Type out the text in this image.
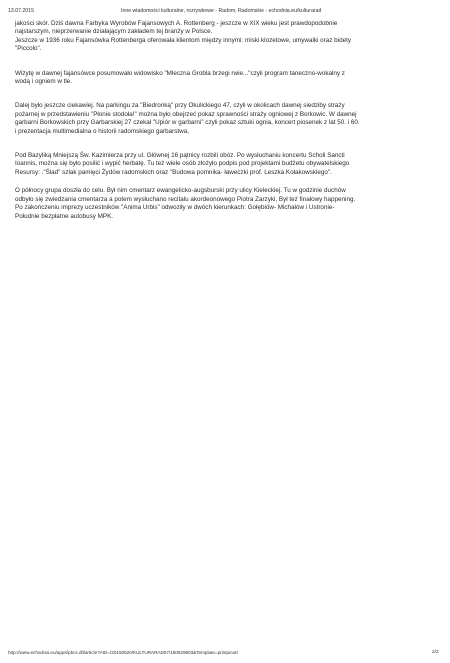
13.07.2015	Inne wiadomości kulturalne, rozrywkowe - Radom, Radomskie - echodnia.eu/kulturarad

jakości skór. Dziś dawna Farbyka Wyrobów Fajansowych A. Rottenberg - jeszcze w XIX wieku jest prawdopodobnie
najstarszym, nieprzerwanie działającym zakładem tej branży w Polsce.
Jeszcze w 1936 roku Fajansówka Rottenberga oferowała klientom między innymi: miski klozetowe, umywalki oraz bidety
"Piccolo".

Wizytę w dawnej fajansówce posumowało widowisko "Mleczna Grobla brzegi rwie..."czyli program taneczno-wokalny z
wodą i ogniem w tle.

Dalej było jeszcze ciekawiej. Na parkingu za "Biedronką" przy Okulickiego 47, czyli w okolicach dawnej siedziby straży
pożarnej w przedstawieniu "Płonie stodoła!" można było obejrzeć pokaz sprawności straży ogniowej z Borkowic. W dawnej
garbarni Borkowskich przy Garbarskiej 27 czekał "Upiór w garbarni" czyli pokaz sztuki ognia, koncert piosenek z lat 50. i 60.
i prezentacja multimedialna o historii radomskiego garbarstwa,

Pod Bazyliką Mniejszą Św. Kazimierza przy ul. Głównej 16 pątnicy rozbili obóz. Po wysłuchaniu koncertu Scholi Sancti
Ioannis, można się było posilić i wypić herbatę. Tu też wiele osób złożyło podpis pod projektami budżetu obywatelskiego
Resursy: ."Ślad" szlak pamięci Żydów radomskich oraz "Budowa pomnika- ławeczki prof. Leszka Kołakowskiego".

O północy grupa doszła do celu. Był nim cmentarz ewangelicko-augsburski przy ulicy Kieleckiej. Tu w godzinie duchów
odbyło się zwiedzania cmentarza a potem wysłuchano recitalu akordeonowego Piotra Zarzyki, Był też finałowy happening.
Po zakończeniu imprezy uczestników "Anima Urbis" odwoziły w dwóch kierunkach: Gołębiów- Michałów i Ustronie-
Południe bezpłatne autobusy MPK.

http://www.echodnia.eu/apps/pbcs.dll/article?AID=/20150620/KULTURARAD07/150629903&Template=printpicart	2/2
